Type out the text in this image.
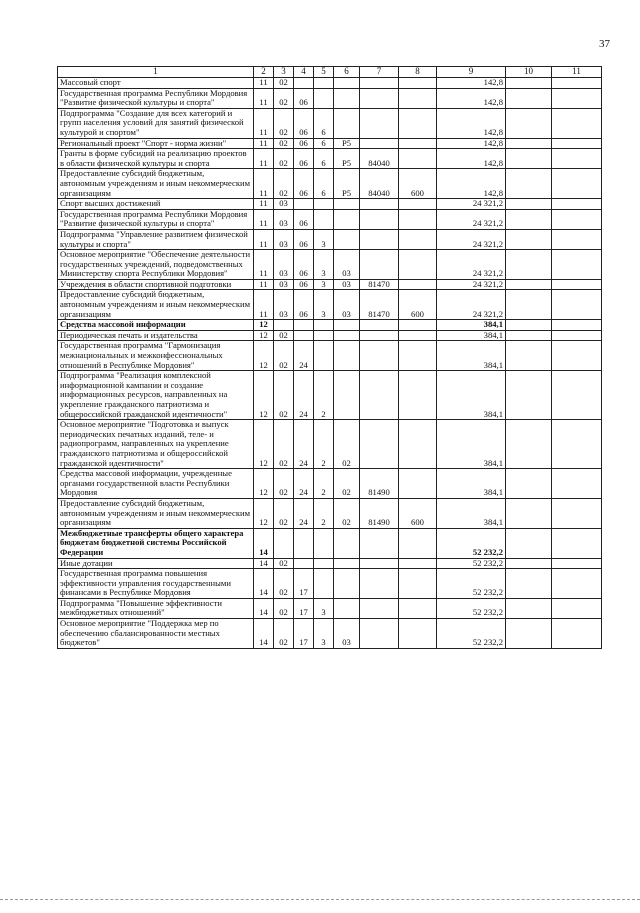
37
1	2	3	4	5	6	7	8	9	10	11
Массовый спорт	11	02						142,8		
Государственная программа Республики Мордовия "Развитие физической культуры и спорта"	11	02	06					142,8		
Подпрограмма "Создание для всех категорий и групп населения условий для занятий физической культурой и спортом"	11	02	06	6				142,8		
Региональный проект "Спорт - норма жизни"	11	02	06	6	P5			142,8		
Гранты в форме субсидий на реализацию проектов в области физической культуры и спорта	11	02	06	6	P5	84040		142,8		
Предоставление субсидий бюджетным, автономным учреждениям и иным некоммерческим организациям	11	02	06	6	P5	84040	600	142,8		
Спорт высших достижений	11	03						24 321,2		
Государственная программа Республики Мордовия "Развитие физической культуры и спорта"	11	03	06					24 321,2		
Подпрограмма "Управление развитием физической культуры и спорта"	11	03	06	3				24 321,2		
Основное мероприятие "Обеспечение деятельности государственных учреждений, подведомственных Министерству спорта Республики Мордовия"	11	03	06	3	03			24 321,2		
Учреждения в области спортивной подготовки	11	03	06	3	03	81470		24 321,2		
Предоставление субсидий бюджетным, автономным учреждениям и иным некоммерческим организациям	11	03	06	3	03	81470	600	24 321,2		
Средства массовой информации	12							384,1		
Периодическая печать и издательства	12	02						384,1		
Государственная программа "Гармонизация межнациональных и межконфессиональных отношений в Республике Мордовия"	12	02	24					384,1		
Подпрограмма "Реализация комплексной информационной кампании и создание информационных ресурсов, направленных на укрепление гражданского патриотизма и общероссийской гражданской идентичности"	12	02	24	2				384,1		
Основное мероприятие "Подготовка и выпуск периодических печатных изданий, теле- и радиопрограмм, направленных на укрепление гражданского патриотизма и общероссийской гражданской идентичности"	12	02	24	2	02			384,1		
Средства массовой информации, учрежденные органами государственной власти Республики Мордовия	12	02	24	2	02	81490		384,1		
Предоставление субсидий бюджетным, автономным учреждениям и иным некоммерческим организациям	12	02	24	2	02	81490	600	384,1		
Межбюджетные трансферты общего характера бюджетам бюджетной системы Российской Федерации	14							52 232,2		
Иные дотации	14	02						52 232,2		
Государственная программа повышения эффективности управления государственными финансами в Республике Мордовия	14	02	17					52 232,2		
Подпрограмма "Повышение эффективности межбюджетных отношений"	14	02	17	3				52 232,2		
Основное мероприятие "Поддержка мер по обеспечению сбалансированности местных бюджетов"	14	02	17	3	03			52 232,2		
